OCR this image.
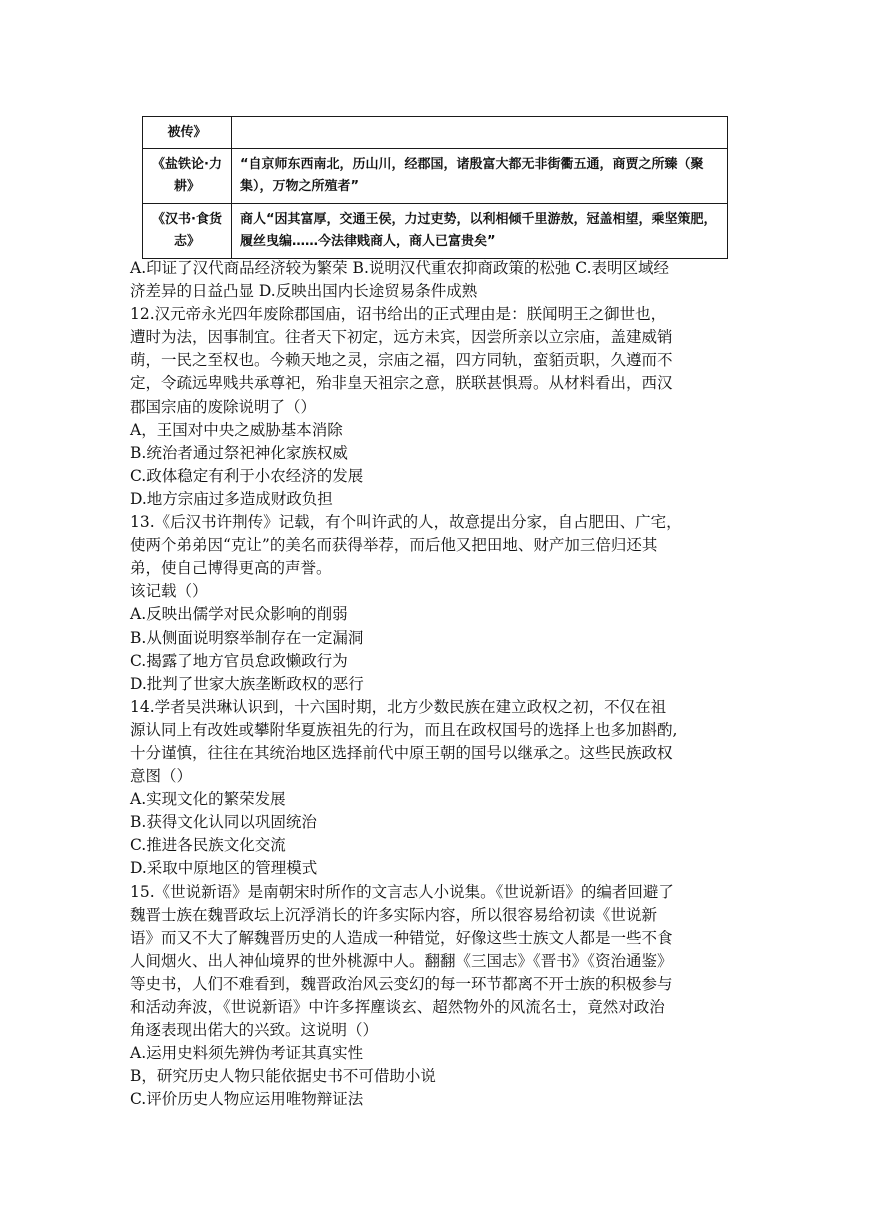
被传》	
《盐铁论·力耕》	“自京师东西南北，历山川，经郡国，诸殷富大都无非街衢五通，商贾之所臻（聚集），万物之所殖者”
《汉书·食货志》	商人“因其富厚，交通王侯，力过吏势，以利相倾千里游敖，冠盖相望，乘坚策肥，履丝曳编……今法律贱商人，商人已富贵矣”

A.印证了汉代商品经济较为繁荣 B.说明汉代重农抑商政策的松弛 C.表明区域经

济差异的日益凸显 D.反映出国内长途贸易条件成熟

12.汉元帝永光四年废除郡国庙，诏书给出的正式理由是：朕闻明王之御世也，

遭时为法，因事制宜。往者天下初定，远方未宾，因尝所亲以立宗庙，盖建威销

萌，一民之至权也。今赖天地之灵，宗庙之福，四方同轨，蛮貊贡职，久遵而不

定，令疏远卑贱共承尊祀，殆非皇天祖宗之意，朕联甚惧焉。从材料看出，西汉

郡国宗庙的废除说明了（）

A，王国对中央之威胁基本消除

B.统治者通过祭祀神化家族权威

C.政体稳定有利于小农经济的发展

D.地方宗庙过多造成财政负担

13.《后汉书许荆传》记载，有个叫许武的人，故意提出分家，自占肥田、广宅，

使两个弟弟因“克让”的美名而获得举荐，而后他又把田地、财产加三倍归还其

弟，使自己博得更高的声誉。

该记载（）

A.反映出儒学对民众影响的削弱

B.从侧面说明察举制存在一定漏洞

C.揭露了地方官员怠政懒政行为

D.批判了世家大族垄断政权的恶行

14.学者吴洪琳认识到，十六国时期，北方少数民族在建立政权之初，不仅在祖

源认同上有改姓或攀附华夏族祖先的行为，而且在政权国号的选择上也多加斟酌,

十分谨慎，往往在其统治地区选择前代中原王朝的国号以继承之。这些民族政权

意图（）

A.实现文化的繁荣发展

B.获得文化认同以巩固统治

C.推进各民族文化交流

D.采取中原地区的管理模式

15.《世说新语》是南朝宋时所作的文言志人小说集。《世说新语》的编者回避了

魏晋士族在魏晋政坛上沉浮消长的许多实际内容，所以很容易给初读《世说新

语》而又不大了解魏晋历史的人造成一种错觉，好像这些士族文人都是一些不食

人间烟火、出人神仙境界的世外桃源中人。翻翻《三国志》《晋书》《资治通鉴》

等史书，人们不难看到，魏晋政治风云变幻的每一环节都离不开士族的积极参与

和活动奔波，《世说新语》中许多挥塵谈玄、超然物外的风流名士，竟然对政治

角逐表现出偌大的兴致。这说明（）

A.运用史料须先辨伪考证其真实性

B，研究历史人物只能依据史书不可借助小说

C.评价历史人物应运用唯物辩证法
